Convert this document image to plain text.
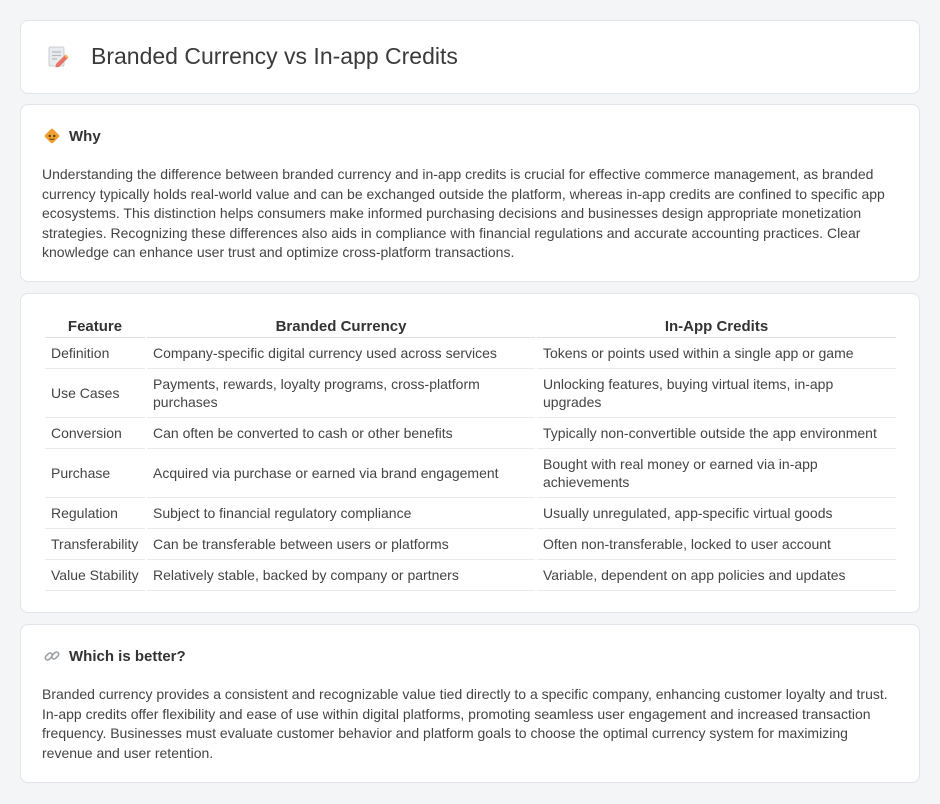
Branded Currency vs In-app Credits
Why

Understanding the difference between branded currency and in-app credits is crucial for effective commerce management, as branded currency typically holds real-world value and can be exchanged outside the platform, whereas in-app credits are confined to specific app ecosystems. This distinction helps consumers make informed purchasing decisions and businesses design appropriate monetization strategies. Recognizing these differences also aids in compliance with financial regulations and accurate accounting practices. Clear knowledge can enhance user trust and optimize cross-platform transactions.

Feature	Branded Currency	In-App Credits
Definition	Company-specific digital currency used across services	Tokens or points used within a single app or game
Use Cases	Payments, rewards, loyalty programs, cross-platform purchases	Unlocking features, buying virtual items, in-app upgrades
Conversion	Can often be converted to cash or other benefits	Typically non-convertible outside the app environment
Purchase	Acquired via purchase or earned via brand engagement	Bought with real money or earned via in-app achievements
Regulation	Subject to financial regulatory compliance	Usually unregulated, app-specific virtual goods
Transferability	Can be transferable between users or platforms	Often non-transferable, locked to user account
Value Stability	Relatively stable, backed by company or partners	Variable, dependent on app policies and updates
Which is better?

Branded currency provides a consistent and recognizable value tied directly to a specific company, enhancing customer loyalty and trust. In-app credits offer flexibility and ease of use within digital platforms, promoting seamless user engagement and increased transaction frequency. Businesses must evaluate customer behavior and platform goals to choose the optimal currency system for maximizing revenue and user retention.
